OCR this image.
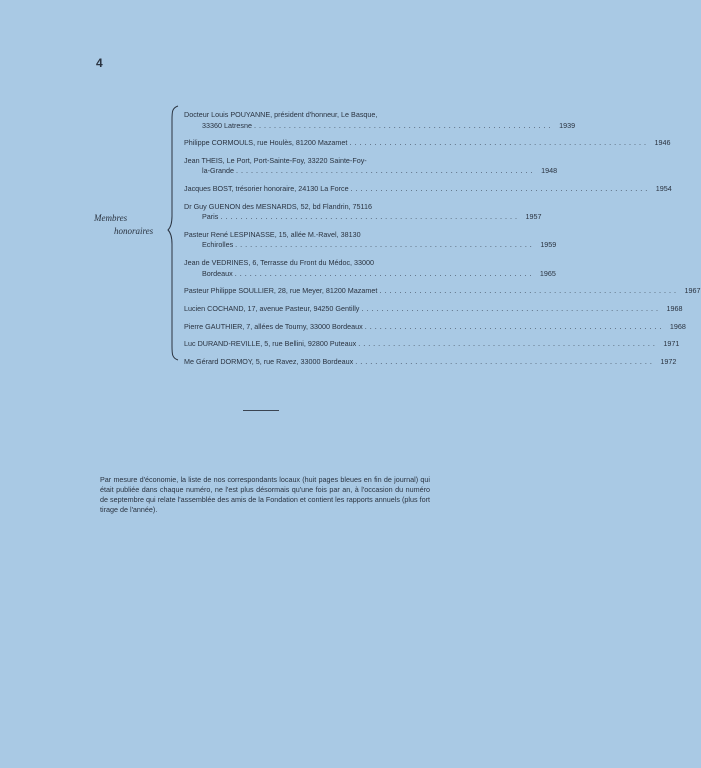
4
Membres
honoraires
Docteur Louis POUYANNE, président d'honneur, Le Basque,
33360 Latresne . . . . . . . . . . . . . . . . . . . . . . . . . . . . . . . . . . . . . . . . . . . . . . . . . . . . . . . . . . . .	1939
Philippe CORMOULS, rue Houlès, 81200 Mazamet . . . . . . . . . . . . . . . . . . . . . . . . . . . . . . . . . . . . . . . . . . . . . . . . . . . . . . . . . . . .	1946
Jean THEIS, Le Port, Port-Sainte-Foy, 33220 Sainte-Foy-
la-Grande . . . . . . . . . . . . . . . . . . . . . . . . . . . . . . . . . . . . . . . . . . . . . . . . . . . . . . . . . . . .	1948
Jacques BOST, trésorier honoraire, 24130 La Force . . . . . . . . . . . . . . . . . . . . . . . . . . . . . . . . . . . . . . . . . . . . . . . . . . . . . . . . . . . .	1954
Dr Guy GUENON des MESNARDS, 52, bd Flandrin, 75116
Paris . . . . . . . . . . . . . . . . . . . . . . . . . . . . . . . . . . . . . . . . . . . . . . . . . . . . . . . . . . . .	1957
Pasteur René LESPINASSE, 15, allée M.-Ravel, 38130
Echirolles . . . . . . . . . . . . . . . . . . . . . . . . . . . . . . . . . . . . . . . . . . . . . . . . . . . . . . . . . . . .	1959
Jean de VEDRINES, 6, Terrasse du Front du Médoc, 33000
Bordeaux . . . . . . . . . . . . . . . . . . . . . . . . . . . . . . . . . . . . . . . . . . . . . . . . . . . . . . . . . . . .	1965
Pasteur Philippe SOULLIER, 28, rue Meyer, 81200 Mazamet . . . . . . . . . . . . . . . . . . . . . . . . . . . . . . . . . . . . . . . . . . . . . . . . . . . . . . . . . . . .	1967
Lucien COCHAND, 17, avenue Pasteur, 94250 Gentilly . . . . . . . . . . . . . . . . . . . . . . . . . . . . . . . . . . . . . . . . . . . . . . . . . . . . . . . . . . . .	1968
Pierre GAUTHIER, 7, allées de Tourny, 33000 Bordeaux . . . . . . . . . . . . . . . . . . . . . . . . . . . . . . . . . . . . . . . . . . . . . . . . . . . . . . . . . . . .	1968
Luc DURAND-REVILLE, 5, rue Bellini, 92800 Puteaux . . . . . . . . . . . . . . . . . . . . . . . . . . . . . . . . . . . . . . . . . . . . . . . . . . . . . . . . . . . .	1971
Me Gérard DORMOY, 5, rue Ravez, 33000 Bordeaux . . . . . . . . . . . . . . . . . . . . . . . . . . . . . . . . . . . . . . . . . . . . . . . . . . . . . . . . . . . .	1972
Par mesure d'économie, la liste de nos correspondants locaux (huit pages bleues en fin de journal) qui était publiée dans chaque numéro, ne l'est plus désormais qu'une fois par an, à l'occasion du numéro de septembre qui relate l'assemblée des amis de la Fondation et contient les rapports annuels (plus fort tirage de l'année).
